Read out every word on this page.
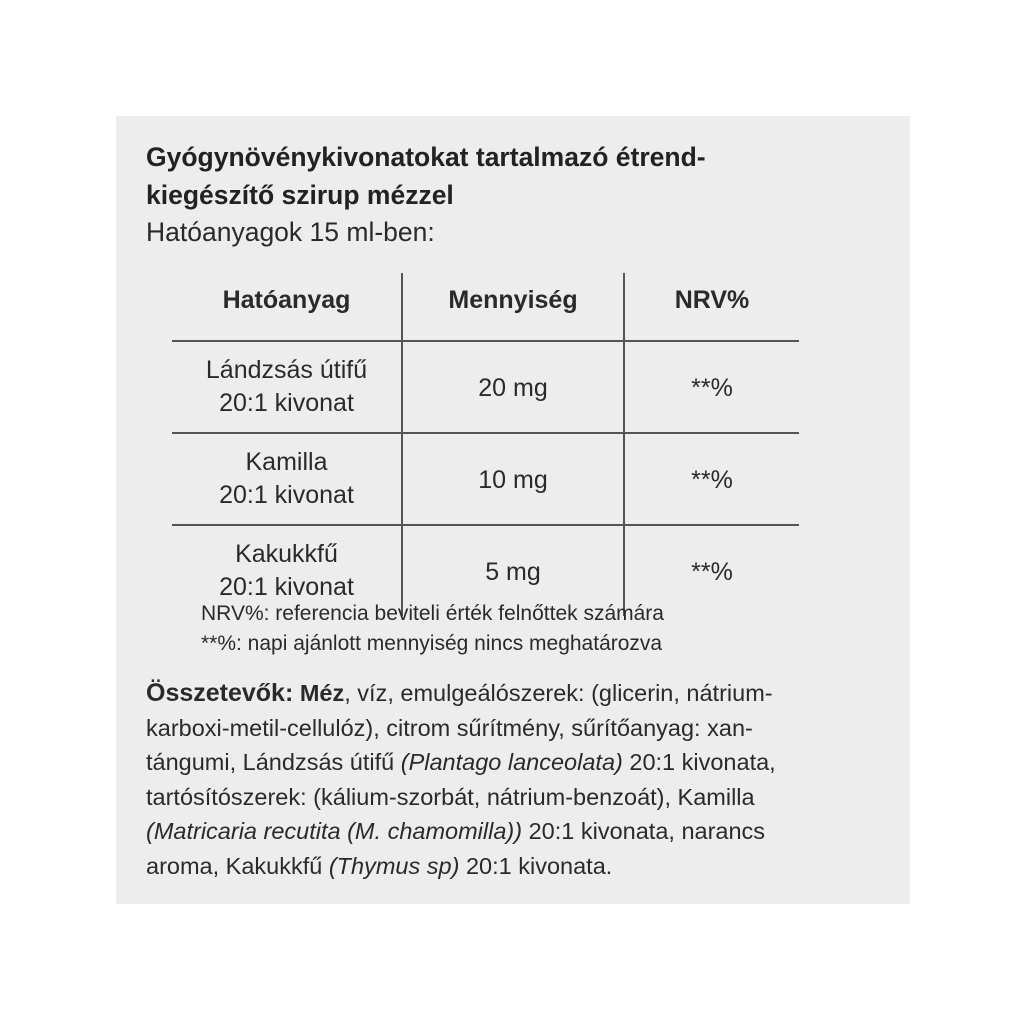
Gyógynövénykivonatokat tartalmazó étrend-
kiegészítő szirup mézzel
Hatóanyagok 15 ml-ben:
Hatóanyag	Mennyiség	NRV%
Lándzsás útifű
20:1 kivonat	20 mg	**%
Kamilla
20:1 kivonat	10 mg	**%
Kakukkfű
20:1 kivonat	5 mg	**%
NRV%: referencia beviteli érték felnőttek számára
**%: napi ajánlott mennyiség nincs meghatározva
Összetevők: Méz, víz, emulgeálószerek: (glicerin, nátrium-
karboxi-metil-cellulóz), citrom sűrítmény, sűrítőanyag: xan-
tángumi, Lándzsás útifű (Plantago lanceolata) 20:1 kivonata,
tartósítószerek: (kálium-szorbát, nátrium-benzoát), Kamilla
(Matricaria recutita (M. chamomilla)) 20:1 kivonata, narancs
aroma, Kakukkfű (Thymus sp) 20:1 kivonata.
